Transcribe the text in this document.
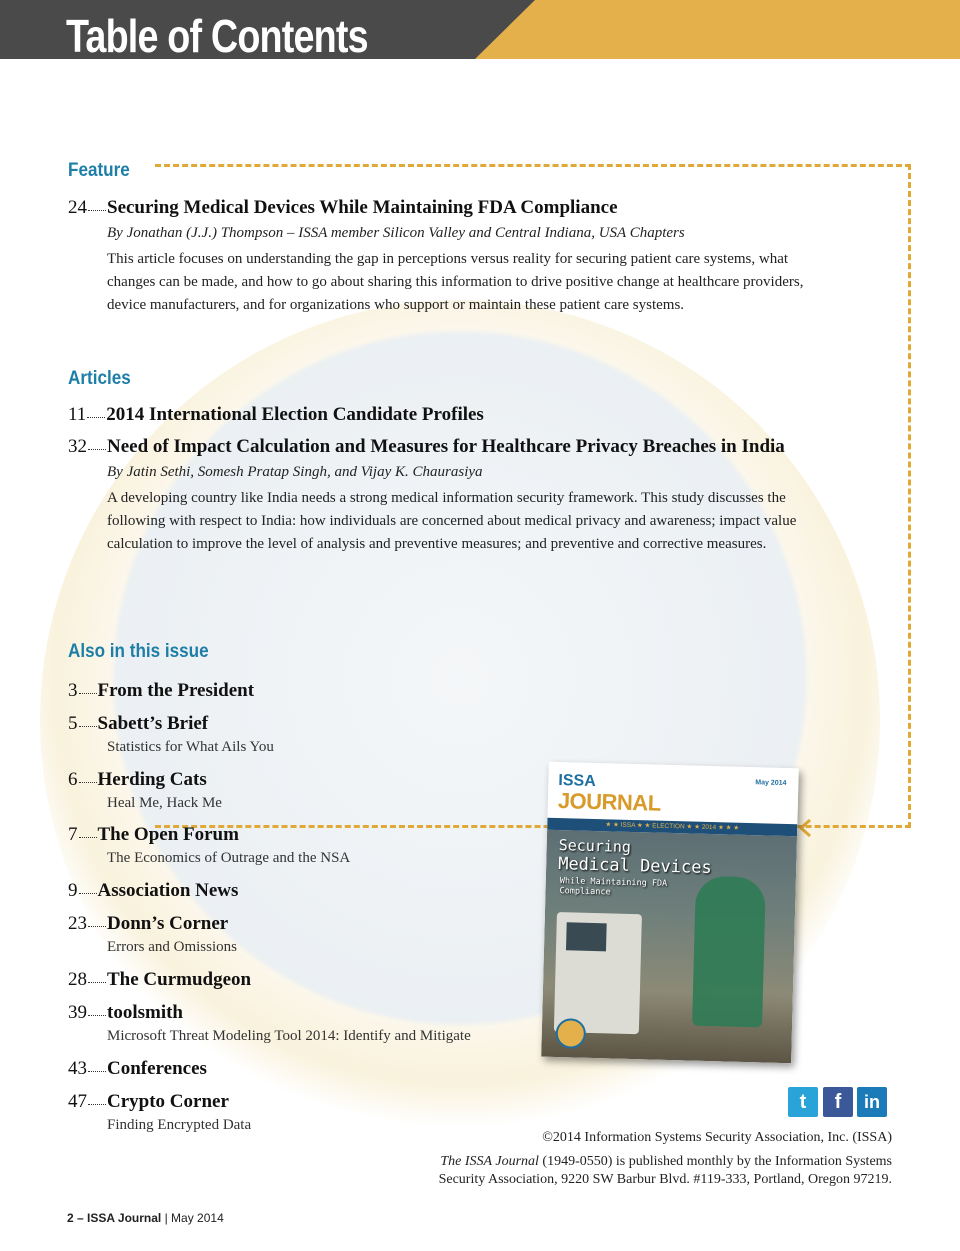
Table of Contents
Feature
24 Securing Medical Devices While Maintaining FDA Compliance
By Jonathan (J.J.) Thompson – ISSA member Silicon Valley and Central Indiana, USA Chapters
This article focuses on understanding the gap in perceptions versus reality for securing patient care systems, what changes can be made, and how to go about sharing this information to drive positive change at healthcare providers, device manufacturers, and for organizations who support or maintain these patient care systems.
Articles
11 2014 International Election Candidate Profiles
32 Need of Impact Calculation and Measures for Healthcare Privacy Breaches in India
By Jatin Sethi, Somesh Pratap Singh, and Vijay K. Chaurasiya
A developing country like India needs a strong medical information security framework. This study discusses the following with respect to India: how individuals are concerned about medical privacy and awareness; impact value calculation to improve the level of analysis and preventive measures; and preventive and corrective measures.
Also in this issue
3 From the President
5 Sabett’s Brief
Statistics for What Ails You
6 Herding Cats
Heal Me, Hack Me
7 The Open Forum
The Economics of Outrage and the NSA
9 Association News
23 Donn’s Corner
Errors and Omissions
28 The Curmudgeon
39 toolsmith
Microsoft Threat Modeling Tool 2014: Identify and Mitigate
43 Conferences
47 Crypto Corner
Finding Encrypted Data
ISSA
JOURNAL
May 2014
★ ★ ISSA ★ ★ ELECTION ★ ★ 2014 ★ ★ ★
Securing
Medical Devices
While Maintaining FDA
Compliance
t	f	in
©2014 Information Systems Security Association, Inc. (ISSA)
The ISSA Journal (1949-0550) is published monthly by the Information Systems
Security Association, 9220 SW Barbur Blvd. #119-333, Portland, Oregon 97219.
2 – ISSA Journal | May 2014
